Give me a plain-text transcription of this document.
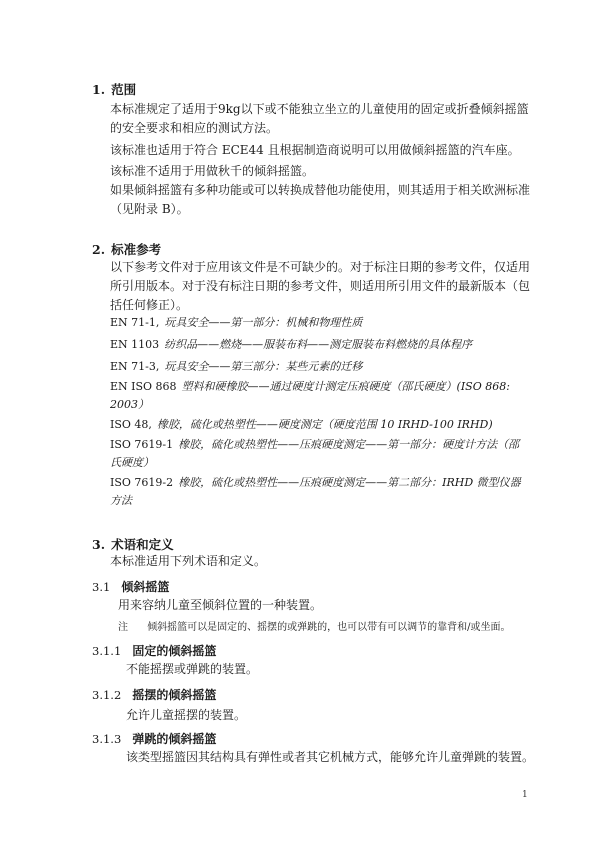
1. 范围
本标准规定了适用于9kg以下或不能独立坐立的儿童使用的固定或折叠倾斜摇篮的安全要求和相应的测试方法。
该标准也适用于符合 ECE44 且根据制造商说明可以用做倾斜摇篮的汽车座。
该标准不适用于用做秋千的倾斜摇篮。
如果倾斜摇篮有多种功能或可以转换成替他功能使用，则其适用于相关欧洲标准（见附录 B）。
2. 标准参考
以下参考文件对于应用该文件是不可缺少的。对于标注日期的参考文件，仅适用所引用版本。对于没有标注日期的参考文件，则适用所引用文件的最新版本（包括任何修正）。
EN 71-1, 玩具安全——第一部分：机械和物理性质
EN 1103 纺织品——燃烧——服装布料——测定服装布料燃烧的具体程序
EN 71-3, 玩具安全——第三部分：某些元素的迁移
EN ISO 868 塑料和硬橡胶——通过硬度计测定压痕硬度（邵氏硬度）(ISO 868: 2003）
ISO 48, 橡胶，硫化或热塑性——硬度测定（硬度范围 10 IRHD-100 IRHD)
ISO 7619-1 橡胶，硫化或热塑性——压痕硬度测定——第一部分：硬度计方法（邵氏硬度）
ISO 7619-2 橡胶，硫化或热塑性——压痕硬度测定——第二部分：IRHD 微型仪器方法
3. 术语和定义
本标准适用下列术语和定义。
3.1 倾斜摇篮
用来容纳儿童至倾斜位置的一种装置。
注 倾斜摇篮可以是固定的、摇摆的或弹跳的，也可以带有可以调节的靠背和/或坐面。
3.1.1 固定的倾斜摇篮
不能摇摆或弹跳的装置。
3.1.2 摇摆的倾斜摇篮
允许儿童摇摆的装置。
3.1.3 弹跳的倾斜摇篮
该类型摇篮因其结构具有弹性或者其它机械方式，能够允许儿童弹跳的装置。
1
